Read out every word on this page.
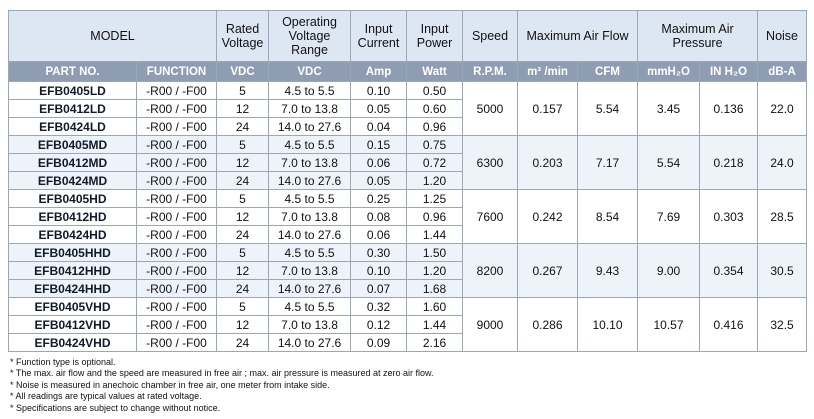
MODEL		Rated Voltage	Operating Voltage Range	Input Current	Input Power	Speed	Maximum Air Flow		Maximum Air Pressure		Noise
PART NO.	FUNCTION	VDC	VDC	Amp	Watt	R.P.M.	m³ /min	CFM	mmH₂O	IN H₂O	dB-A
EFB0405LD	-R00 / -F00	5	4.5 to 5.5	0.10	0.50	5000	0.157	5.54	3.45	0.136	22.0
EFB0412LD	-R00 / -F00	12	7.0 to 13.8	0.05	0.60						
EFB0424LD	-R00 / -F00	24	14.0 to 27.6	0.04	0.96						
EFB0405MD	-R00 / -F00	5	4.5 to 5.5	0.15	0.75	6300	0.203	7.17	5.54	0.218	24.0
EFB0412MD	-R00 / -F00	12	7.0 to 13.8	0.06	0.72						
EFB0424MD	-R00 / -F00	24	14.0 to 27.6	0.05	1.20						
EFB0405HD	-R00 / -F00	5	4.5 to 5.5	0.25	1.25	7600	0.242	8.54	7.69	0.303	28.5
EFB0412HD	-R00 / -F00	12	7.0 to 13.8	0.08	0.96						
EFB0424HD	-R00 / -F00	24	14.0 to 27.6	0.06	1.44						
EFB0405HHD	-R00 / -F00	5	4.5 to 5.5	0.30	1.50	8200	0.267	9.43	9.00	0.354	30.5
EFB0412HHD	-R00 / -F00	12	7.0 to 13.8	0.10	1.20						
EFB0424HHD	-R00 / -F00	24	14.0 to 27.6	0.07	1.68						
EFB0405VHD	-R00 / -F00	5	4.5 to 5.5	0.32	1.60	9000	0.286	10.10	10.57	0.416	32.5
EFB0412VHD	-R00 / -F00	12	7.0 to 13.8	0.12	1.44						
EFB0424VHD	-R00 / -F00	24	14.0 to 27.6	0.09	2.16						
* Function type is optional.
* The max. air flow and the speed are measured in free air ; max. air pressure is measured at zero air flow.
* Noise is measured in anechoic chamber in free air, one meter from intake side.
* All readings are typical values at rated voltage.
* Specifications are subject to change without notice.
